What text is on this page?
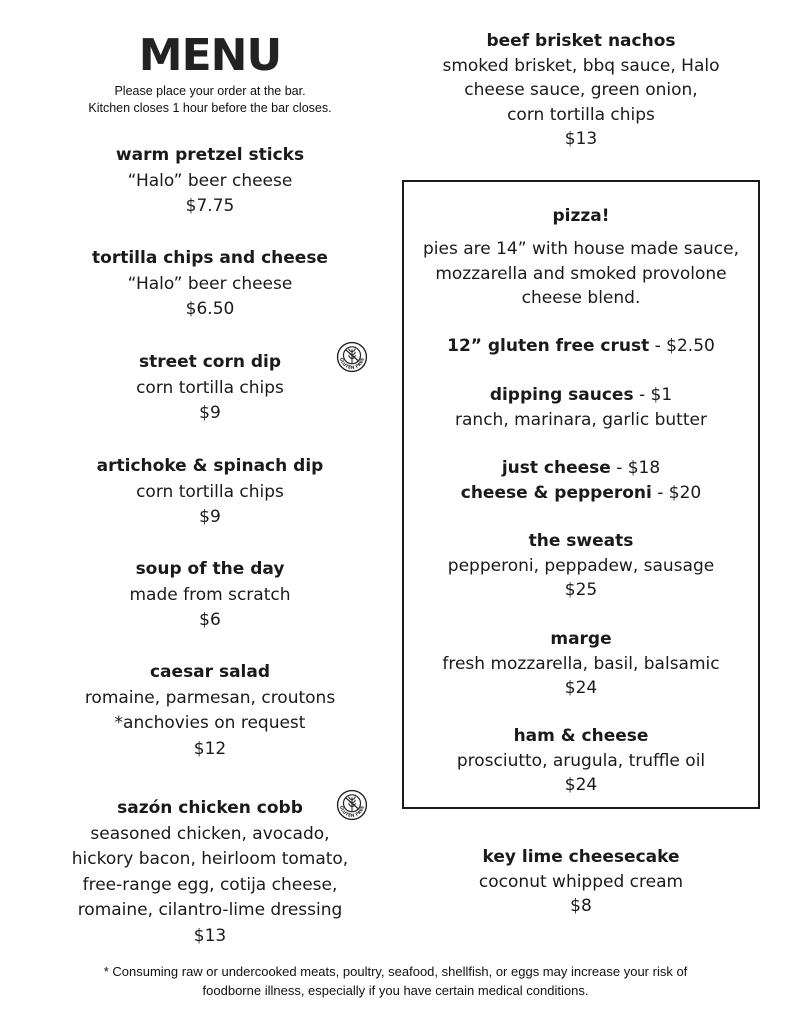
MENU
Please place your order at the bar.
Kitchen closes 1 hour before the bar closes.
warm pretzel sticks
“Halo” beer cheese
$7.75
tortilla chips and cheese
“Halo” beer cheese
$6.50
street corn dip
corn tortilla chips
$9
GLUTEN FREE
artichoke & spinach dip
corn tortilla chips
$9
soup of the day
made from scratch
$6
caesar salad
romaine, parmesan, croutons
*anchovies on request
$12
sazón chicken cobb
seasoned chicken, avocado,
hickory bacon, heirloom tomato,
free-range egg, cotija cheese,
romaine, cilantro-lime dressing
$13
GLUTEN FREE
beef brisket nachos
smoked brisket, bbq sauce, Halo
cheese sauce, green onion,
corn tortilla chips
$13
pizza!
pies are 14” with house made sauce,
mozzarella and smoked provolone
cheese blend.
12” gluten free crust - $2.50
dipping sauces - $1
ranch, marinara, garlic butter
just cheese - $18
cheese & pepperoni - $20
the sweats
pepperoni, peppadew, sausage
$25
marge
fresh mozzarella, basil, balsamic
$24
ham & cheese
prosciutto, arugula, truffle oil
$24
key lime cheesecake
coconut whipped cream
$8
* Consuming raw or undercooked meats, poultry, seafood, shellfish, or eggs may increase your risk of
foodborne illness, especially if you have certain medical conditions.
